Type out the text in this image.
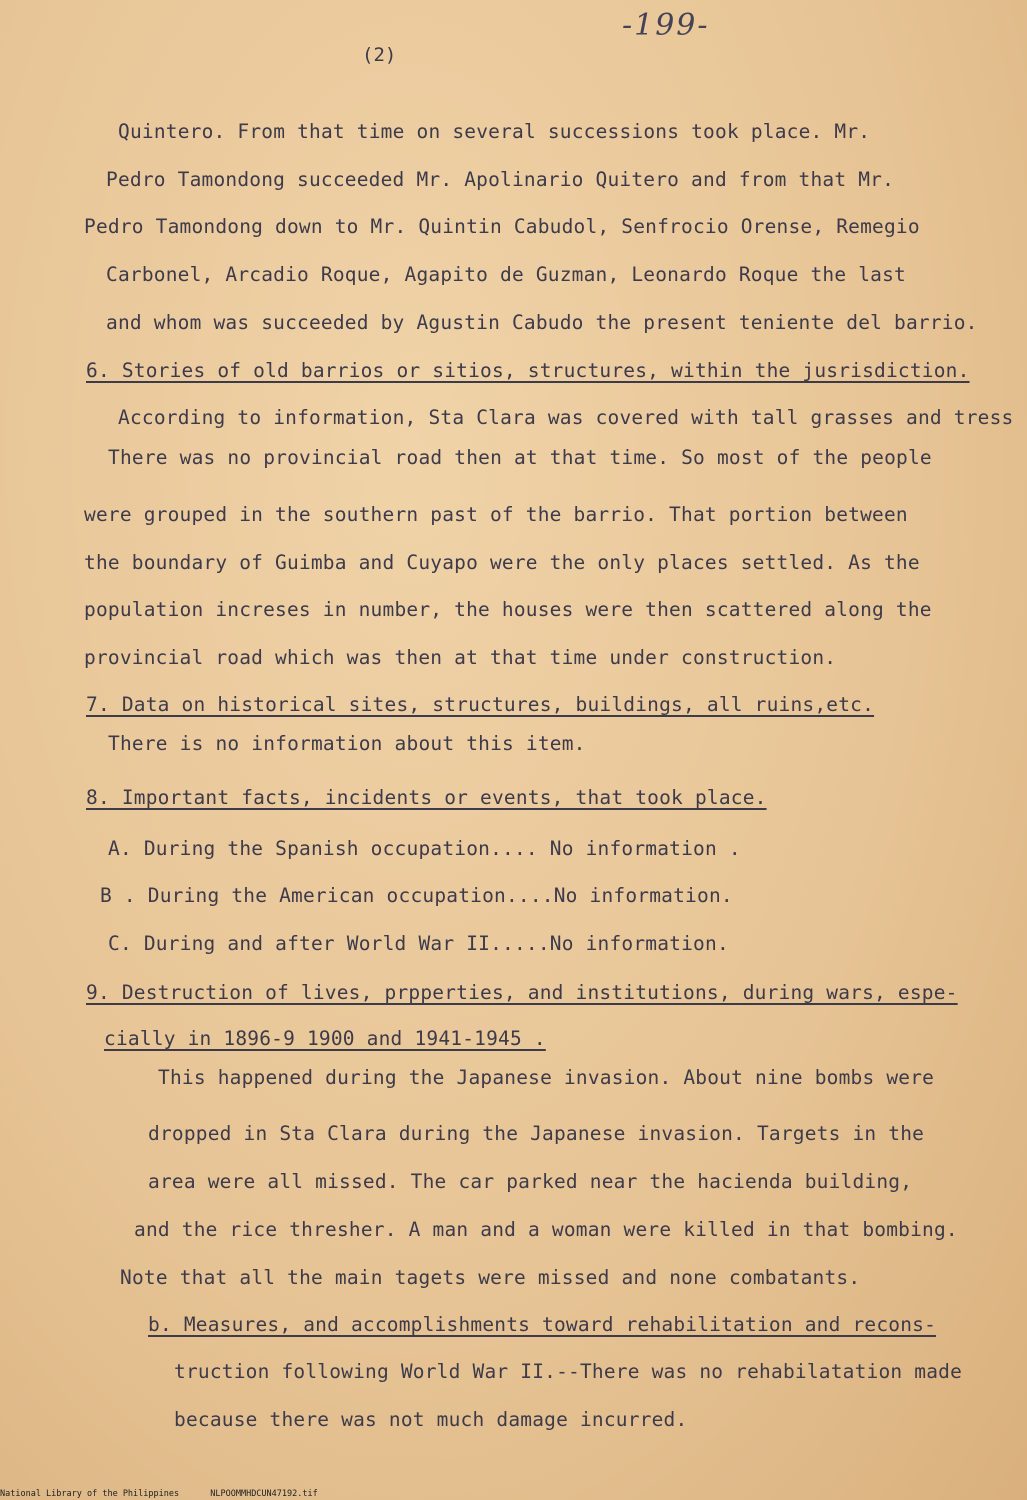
-199-
(2)
Quintero. From that time on several successions took place. Mr.
Pedro Tamondong succeeded Mr. Apolinario Quitero and from that Mr.
Pedro Tamondong down to Mr. Quintin Cabudol, Senfrocio Orense, Remegio
Carbonel, Arcadio Roque, Agapito de Guzman, Leonardo Roque the last
and whom was succeeded by Agustin Cabudo the present teniente del barrio.
6. Stories of old barrios or sitios, structures, within the jusrisdiction.
According to information, Sta Clara was covered with tall grasses and tress
There was no provincial road then at that time. So most of the people
were grouped in the southern past of the barrio. That portion between
the boundary of Guimba and Cuyapo were the only places settled. As the
population increses in number, the houses were then scattered along the
provincial road which was then at that time under construction.
7. Data on historical sites, structures, buildings, all ruins,etc.
There is no information about this item.
8. Important facts, incidents or events, that took place.
A. During the Spanish occupation.... No information .
B . During the American occupation....No information.
C. During and after World War II.....No information.
9. Destruction of lives, prpperties, and institutions, during wars, espe-
cially in 1896-9 1900 and 1941-1945 .
This happened during the Japanese invasion. About nine bombs were
dropped in Sta Clara during the Japanese invasion. Targets in the
area were all missed. The car parked near the hacienda building,
and the rice thresher. A man and a woman were killed in that bombing.
Note that all the main tagets were missed and none combatants.
b. Measures, and accomplishments toward rehabilitation and recons-
truction following World War II.--There was no rehabilatation made
because there was not much damage incurred.
National Library of the Philippines	NLPOOMMHDCUN47192.tif
